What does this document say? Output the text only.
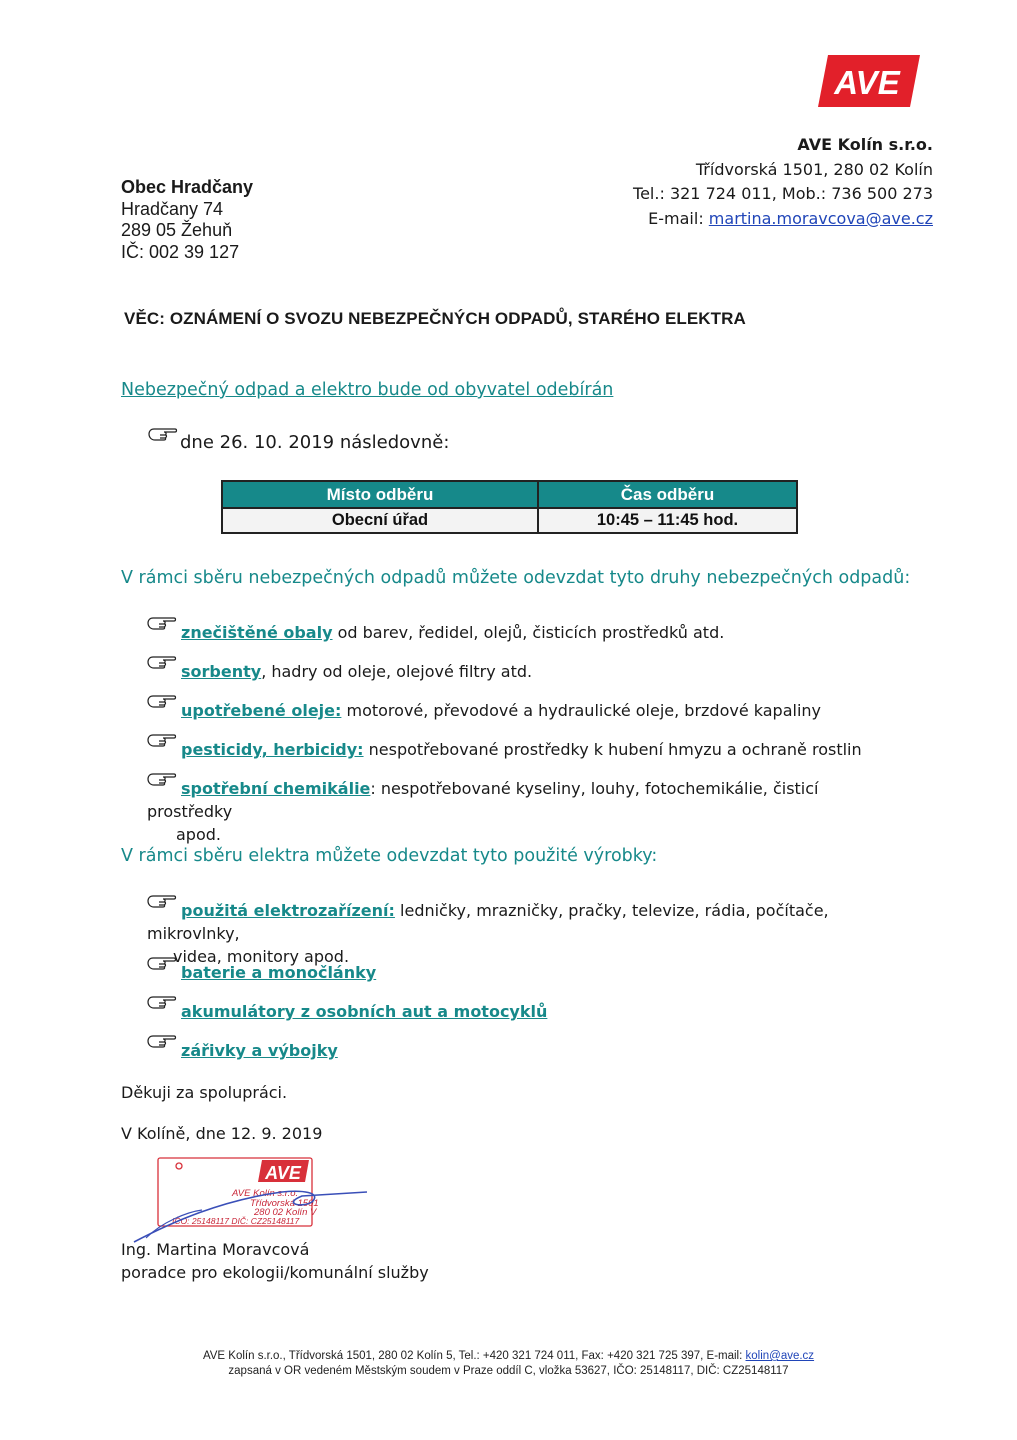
AVE
AVE Kolín s.r.o.
Třídvorská 1501, 280 02 Kolín
Tel.: 321 724 011, Mob.: 736 500 273
E-mail: martina.moravcova@ave.cz
Obec Hradčany
Hradčany 74
289 05 Žehuň
IČ: 002 39 127
VĚC: OZNÁMENÍ O SVOZU NEBEZPEČNÝCH ODPADŮ, STARÉHO ELEKTRA
Nebezpečný odpad a elektro bude od obyvatel odebírán
dne 26. 10. 2019 následovně:
Místo odběru	Čas odběru
Obecní úřad	10:45 – 11:45 hod.
V rámci sběru nebezpečných odpadů můžete odevzdat tyto druhy nebezpečných odpadů:
znečištěné obaly od barev, ředidel, olejů, čisticích prostředků atd.
sorbenty, hadry od oleje, olejové filtry atd.
upotřebené oleje: motorové, převodové a hydraulické oleje, brzdové kapaliny
pesticidy, herbicidy: nespotřebované prostředky k hubení hmyzu a ochraně rostlin
spotřební chemikálie: nespotřebované kyseliny, louhy, fotochemikálie, čisticí prostředky
apod.
V rámci sběru elektra můžete odevzdat tyto použité výrobky:
použitá elektrozařízení: ledničky, mrazničky, pračky, televize, rádia, počítače, mikrovlnky,
videa, monitory apod.
baterie a monočlánky
akumulátory z osobních aut a motocyklů
zářivky a výbojky
Děkuji za spolupráci.
V Kolíně, dne 12. 9. 2019
AVE
AVE Kolín s.r.o.
Třídvorská 1501
280 02 Kolín V
IČO: 25148117 DIČ: CZ25148117
Ing. Martina Moravcová
poradce pro ekologii/komunální služby
AVE Kolín s.r.o., Třídvorská 1501, 280 02 Kolín 5, Tel.: +420 321 724 011, Fax: +420 321 725 397, E-mail: kolin@ave.cz
zapsaná v OR vedeném Městským soudem v Praze oddíl C, vložka 53627, IČO: 25148117, DIČ: CZ25148117
